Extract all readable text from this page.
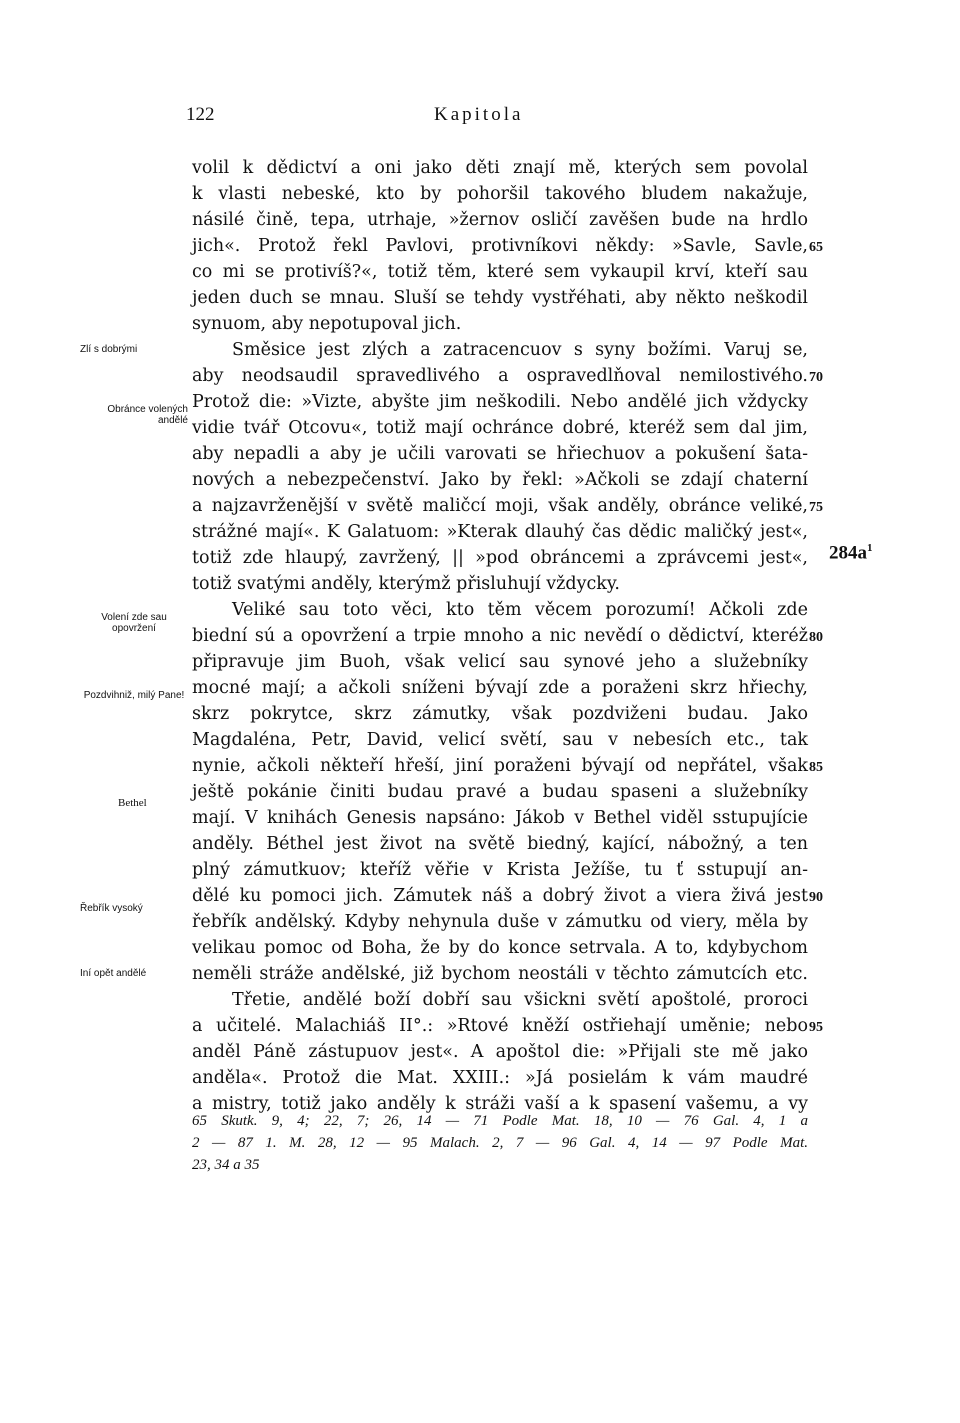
122	Kapitola
volil k dědictví a oni jako děti znají mě, kterých sem povolal
k vlasti nebeské, kto by pohoršil takového bludem nakažuje,
násilé čině, tepa, utrhaje, »žernov osličí zavěšen bude na hrdlo
jich«. Protož řekl Pavlovi, protivníkovi někdy: »Savle, Savle,
co mi se protivíš?«, totiž těm, které sem vykaupil krví, kteří sau
jeden duch se mnau. Sluší se tehdy vystřéhati, aby někto neškodil
synuom, aby nepotupoval jich.
Směsice jest zlých a zatracencuov s syny božími. Varuj se,
aby neodsaudil spravedlivého a ospravedlňoval nemilostivého.
Protož die: »Vizte, abyšte jim neškodili. Nebo andělé jich vždycky
vidie tvář Otcovu«, totiž mají ochránce dobré, kteréž sem dal jim,
aby nepadli a aby je učili varovati se hřiechuov a pokušení šata-
nových a nebezpečenství. Jako by řekl: »Ačkoli se zdají chaterní
a najzavrženější v světě maličcí moji, však anděly, obránce veliké,
strážné mají«. K Galatuom: »Kterak dlauhý čas dědic maličký jest«,
totiž zde hlaupý, zavržený, || »pod obráncemi a zprávcemi jest«,
totiž svatými anděly, kterýmž přisluhují vždycky.
Veliké sau toto věci, kto těm věcem porozumí! Ačkoli zde
biední sú a opovržení a trpie mnoho a nic nevědí o dědictví, kteréž
připravuje jim Buoh, však velicí sau synové jeho a služebníky
mocné mají; a ačkoli sníženi bývají zde a poraženi skrz hřiechy,
skrz pokrytce, skrz zámutky, však pozdviženi budau. Jako
Magdaléna, Petr, David, velicí světí, sau v nebesích etc., tak
nynie, ačkoli někteří hřeší, jiní poraženi bývají od nepřátel, však
ještě pokánie činiti budau pravé a budau spaseni a služebníky
mají. V knihách Genesis napsáno: Jákob v Bethel viděl sstupujície
anděly. Béthel jest život na světě biedný, kající, nábožný, a ten
plný zámutkuov; kteříž věřie v Krista Ježíše, tu ť sstupují an-
dělé ku pomoci jich. Zámutek náš a dobrý život a viera živá jest
řebřík andělský. Kdyby nehynula duše v zámutku od viery, měla by
velikau pomoc od Boha, že by do konce setrvala. A to, kdybychom
neměli stráže andělské, již bychom neostáli v těchto zámutcích etc.
Třetie, andělé boží dobří sau všickni světí apoštolé, proroci
a učitelé. Malachiáš II°.: »Rtové kněží ostřiehají uměnie; nebo
anděl Páně zástupuov jest«. A apoštol die: »Přijali ste mě jako
anděla«. Protož die Mat. XXIII.: »Já posielám k vám maudré
a mistry, totiž jako anděly k stráži vaší a k spasení vašemu, a vy
65
70
75
80
85
90
95
Zlí s dobrými
Obránce volených andělé
Volení zde sau opovržení
Pozdvihniž, milý Pane!
Bethel
Řebřík vysoký
Iní opět andělé
$284a^1$
65 Skutk. 9, 4; 22, 7; 26, 14 — 71 Podle Mat. 18, 10 — 76 Gal. 4, 1 a
2 — 87 1. M. 28, 12 — 95 Malach. 2, 7 — 96 Gal. 4, 14 — 97 Podle Mat.
23, 34 a 35
